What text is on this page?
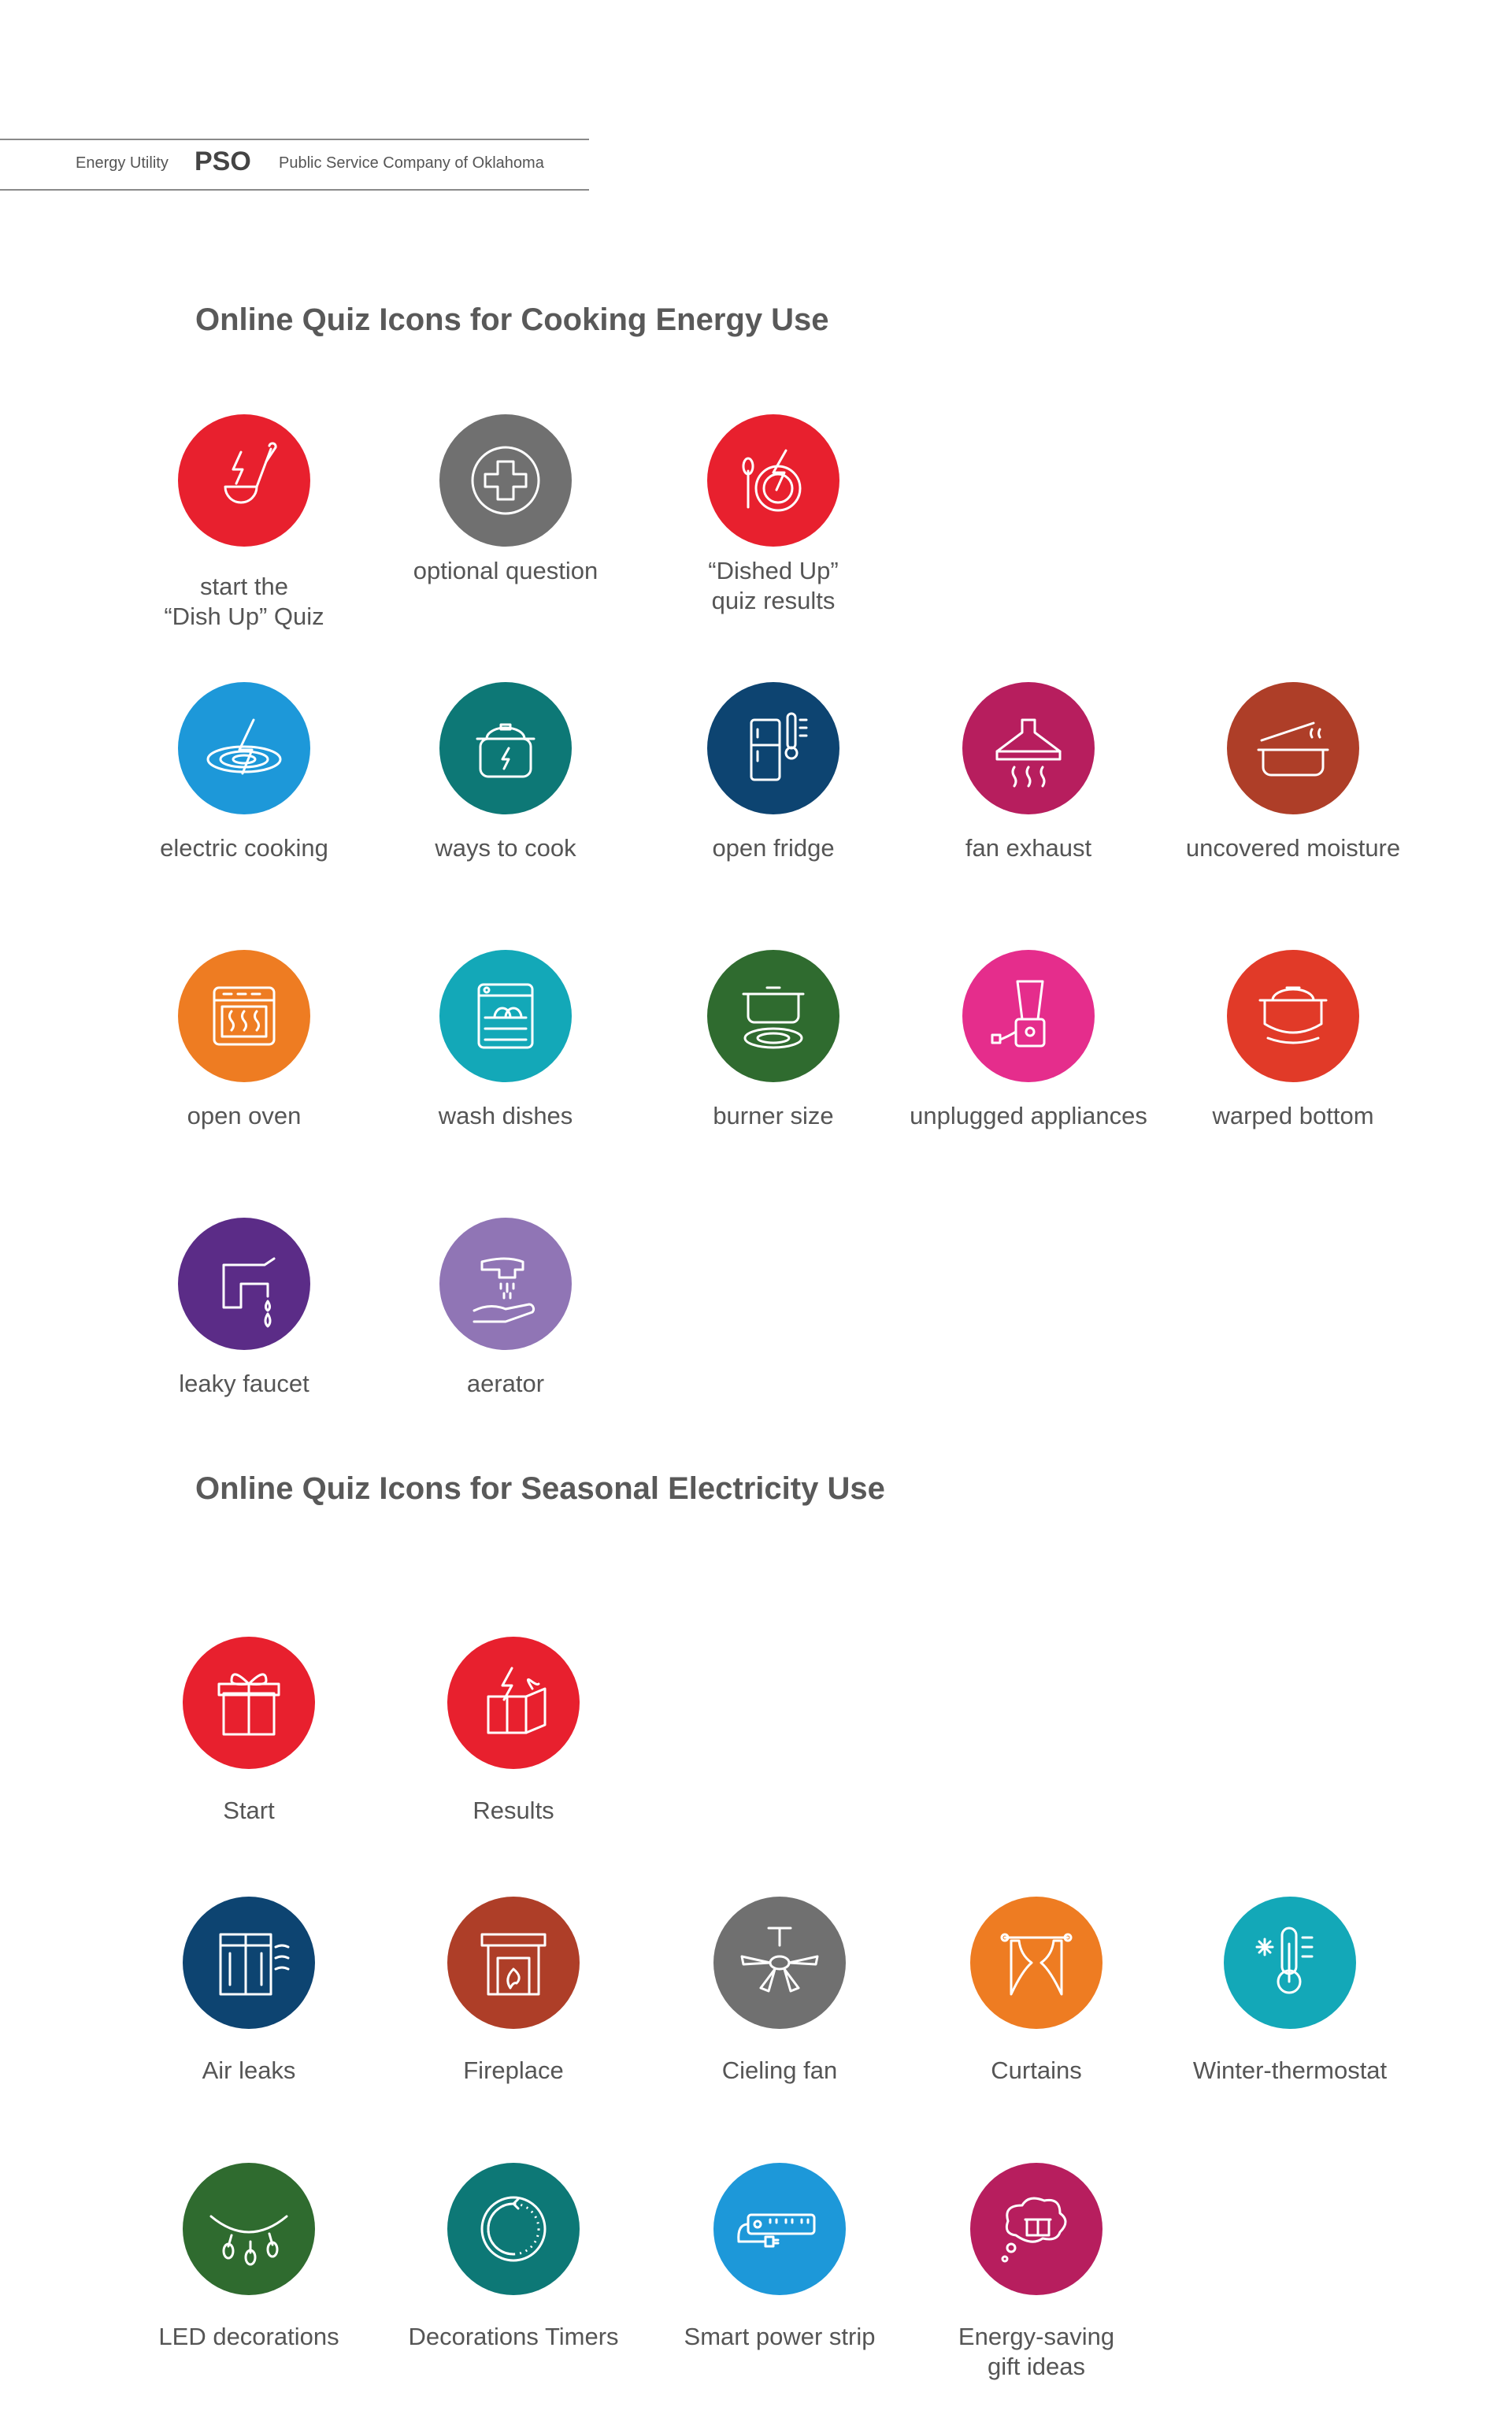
Energy Utility PSO Public Service Company of Oklahoma
Online Quiz Icons for Cooking Energy Use
Online Quiz Icons for Seasonal Electricity Use
start the
“Dish Up” Quiz
optional question	“Dished Up”
quiz results
electric cooking	ways to cook	open fridge	fan exhaust	uncovered moisture
open oven	wash dishes	burner size	unplugged appliances	warped bottom
leaky faucet	aerator
Start	Results
Air leaks	Fireplace	Cieling fan	Curtains	Winter-thermostat
LED decorations	Decorations Timers	Smart power strip	Energy-saving
gift ideas
